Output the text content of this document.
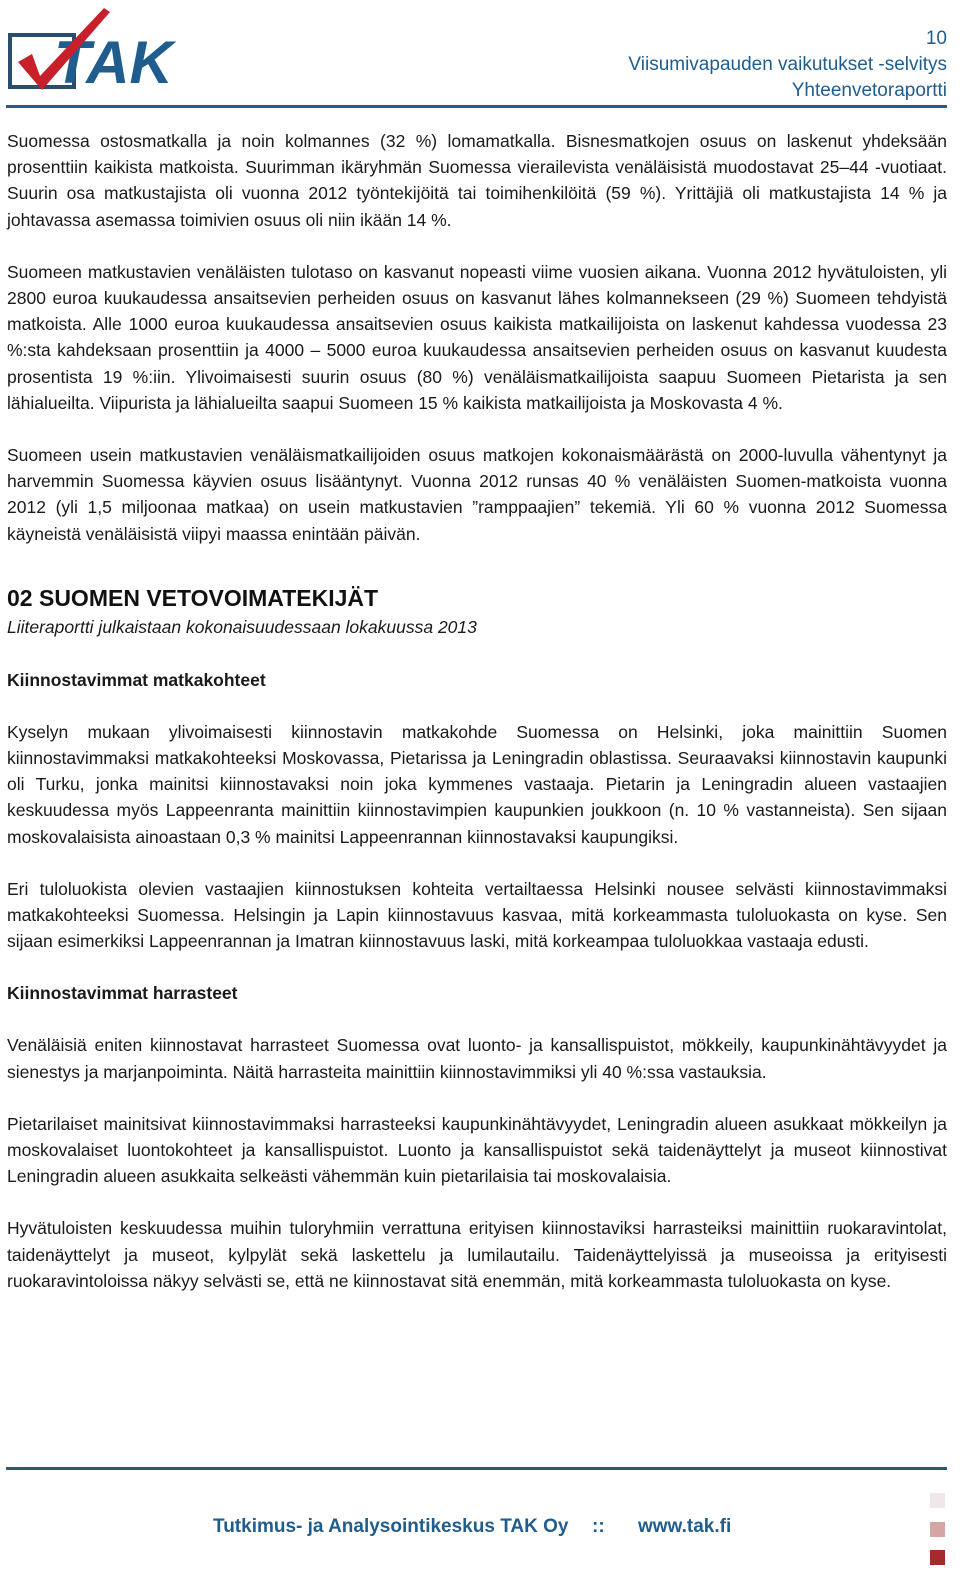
TAK	10
Viisumivapauden vaikutukset -selvitys
Yhteenvetoraportti

Suomessa ostosmatkalla ja noin kolmannes (32 %) lomamatkalla. Bisnesmatkojen osuus on laskenut yhdeksään prosenttiin kaikista matkoista. Suurimman ikäryhmän Suomessa vierailevista venäläisistä muodostavat 25–44 -vuotiaat. Suurin osa matkustajista oli vuonna 2012 työntekijöitä tai toimihenkilöitä (59 %). Yrittäjiä oli matkustajista 14 % ja johtavassa asemassa toimivien osuus oli niin ikään 14 %.

Suomeen matkustavien venäläisten tulotaso on kasvanut nopeasti viime vuosien aikana. Vuonna 2012 hyvätuloisten, yli 2800 euroa kuukaudessa ansaitsevien perheiden osuus on kasvanut lähes kolmannekseen (29 %) Suomeen tehdyistä matkoista. Alle 1000 euroa kuukaudessa ansaitsevien osuus kaikista matkailijoista on laskenut kahdessa vuodessa 23 %:sta kahdeksaan prosenttiin ja 4000 – 5000 euroa kuukaudessa ansaitsevien perheiden osuus on kasvanut kuudesta prosentista 19 %:iin. Ylivoimaisesti suurin osuus (80 %) venäläismatkailijoista saapuu Suomeen Pietarista ja sen lähialueilta. Viipurista ja lähialueilta saapui Suomeen 15 % kaikista matkailijoista ja Moskovasta 4 %.

Suomeen usein matkustavien venäläismatkailijoiden osuus matkojen kokonaismäärästä on 2000-luvulla vähentynyt ja harvemmin Suomessa käyvien osuus lisääntynyt. Vuonna 2012 runsas 40 % venäläisten Suomen-matkoista vuonna 2012 (yli 1,5 miljoonaa matkaa) on usein matkustavien ”ramppaajien” tekemiä. Yli 60 % vuonna 2012 Suomessa käyneistä venäläisistä viipyi maassa enintään päivän.

02 SUOMEN VETOVOIMATEKIJÄT
Liiteraportti julkaistaan kokonaisuudessaan lokakuussa 2013
Kiinnostavimmat matkakohteet

Kyselyn mukaan ylivoimaisesti kiinnostavin matkakohde Suomessa on Helsinki, joka mainittiin Suomen kiinnostavimmaksi matkakohteeksi Moskovassa, Pietarissa ja Leningradin oblastissa. Seuraavaksi kiinnostavin kaupunki oli Turku, jonka mainitsi kiinnostavaksi noin joka kymmenes vastaaja. Pietarin ja Leningradin alueen vastaajien keskuudessa myös Lappeenranta mainittiin kiinnostavimpien kaupunkien joukkoon (n. 10 % vastanneista). Sen sijaan moskovalaisista ainoastaan 0,3 % mainitsi Lappeenrannan kiinnostavaksi kaupungiksi.

Eri tuloluokista olevien vastaajien kiinnostuksen kohteita vertailtaessa Helsinki nousee selvästi kiinnostavimmaksi matkakohteeksi Suomessa. Helsingin ja Lapin kiinnostavuus kasvaa, mitä korkeammasta tuloluokasta on kyse. Sen sijaan esimerkiksi Lappeenrannan ja Imatran kiinnostavuus laski, mitä korkeampaa tuloluokkaa vastaaja edusti.

Kiinnostavimmat harrasteet

Venäläisiä eniten kiinnostavat harrasteet Suomessa ovat luonto- ja kansallispuistot, mökkeily, kaupunkinähtävyydet ja sienestys ja marjanpoiminta. Näitä harrasteita mainittiin kiinnostavimmiksi yli 40 %:ssa vastauksia.

Pietarilaiset mainitsivat kiinnostavimmaksi harrasteeksi kaupunkinähtävyydet, Leningradin alueen asukkaat mökkeilyn ja moskovalaiset luontokohteet ja kansallispuistot. Luonto ja kansallispuistot sekä taidenäyttelyt ja museot kiinnostivat Leningradin alueen asukkaita selkeästi vähemmän kuin pietarilaisia tai moskovalaisia.

Hyvätuloisten keskuudessa muihin tuloryhmiin verrattuna erityisen kiinnostaviksi harrasteiksi mainittiin ruokaravintolat, taidenäyttelyt ja museot, kylpylät sekä laskettelu ja lumilautailu. Taidenäyttelyissä ja museoissa ja erityisesti ruokaravintoloissa näkyy selvästi se, että ne kiinnostavat sitä enemmän, mitä korkeammasta tuloluokasta on kyse.

Tutkimus- ja Analysointikeskus TAK Oy :: www.tak.fi
